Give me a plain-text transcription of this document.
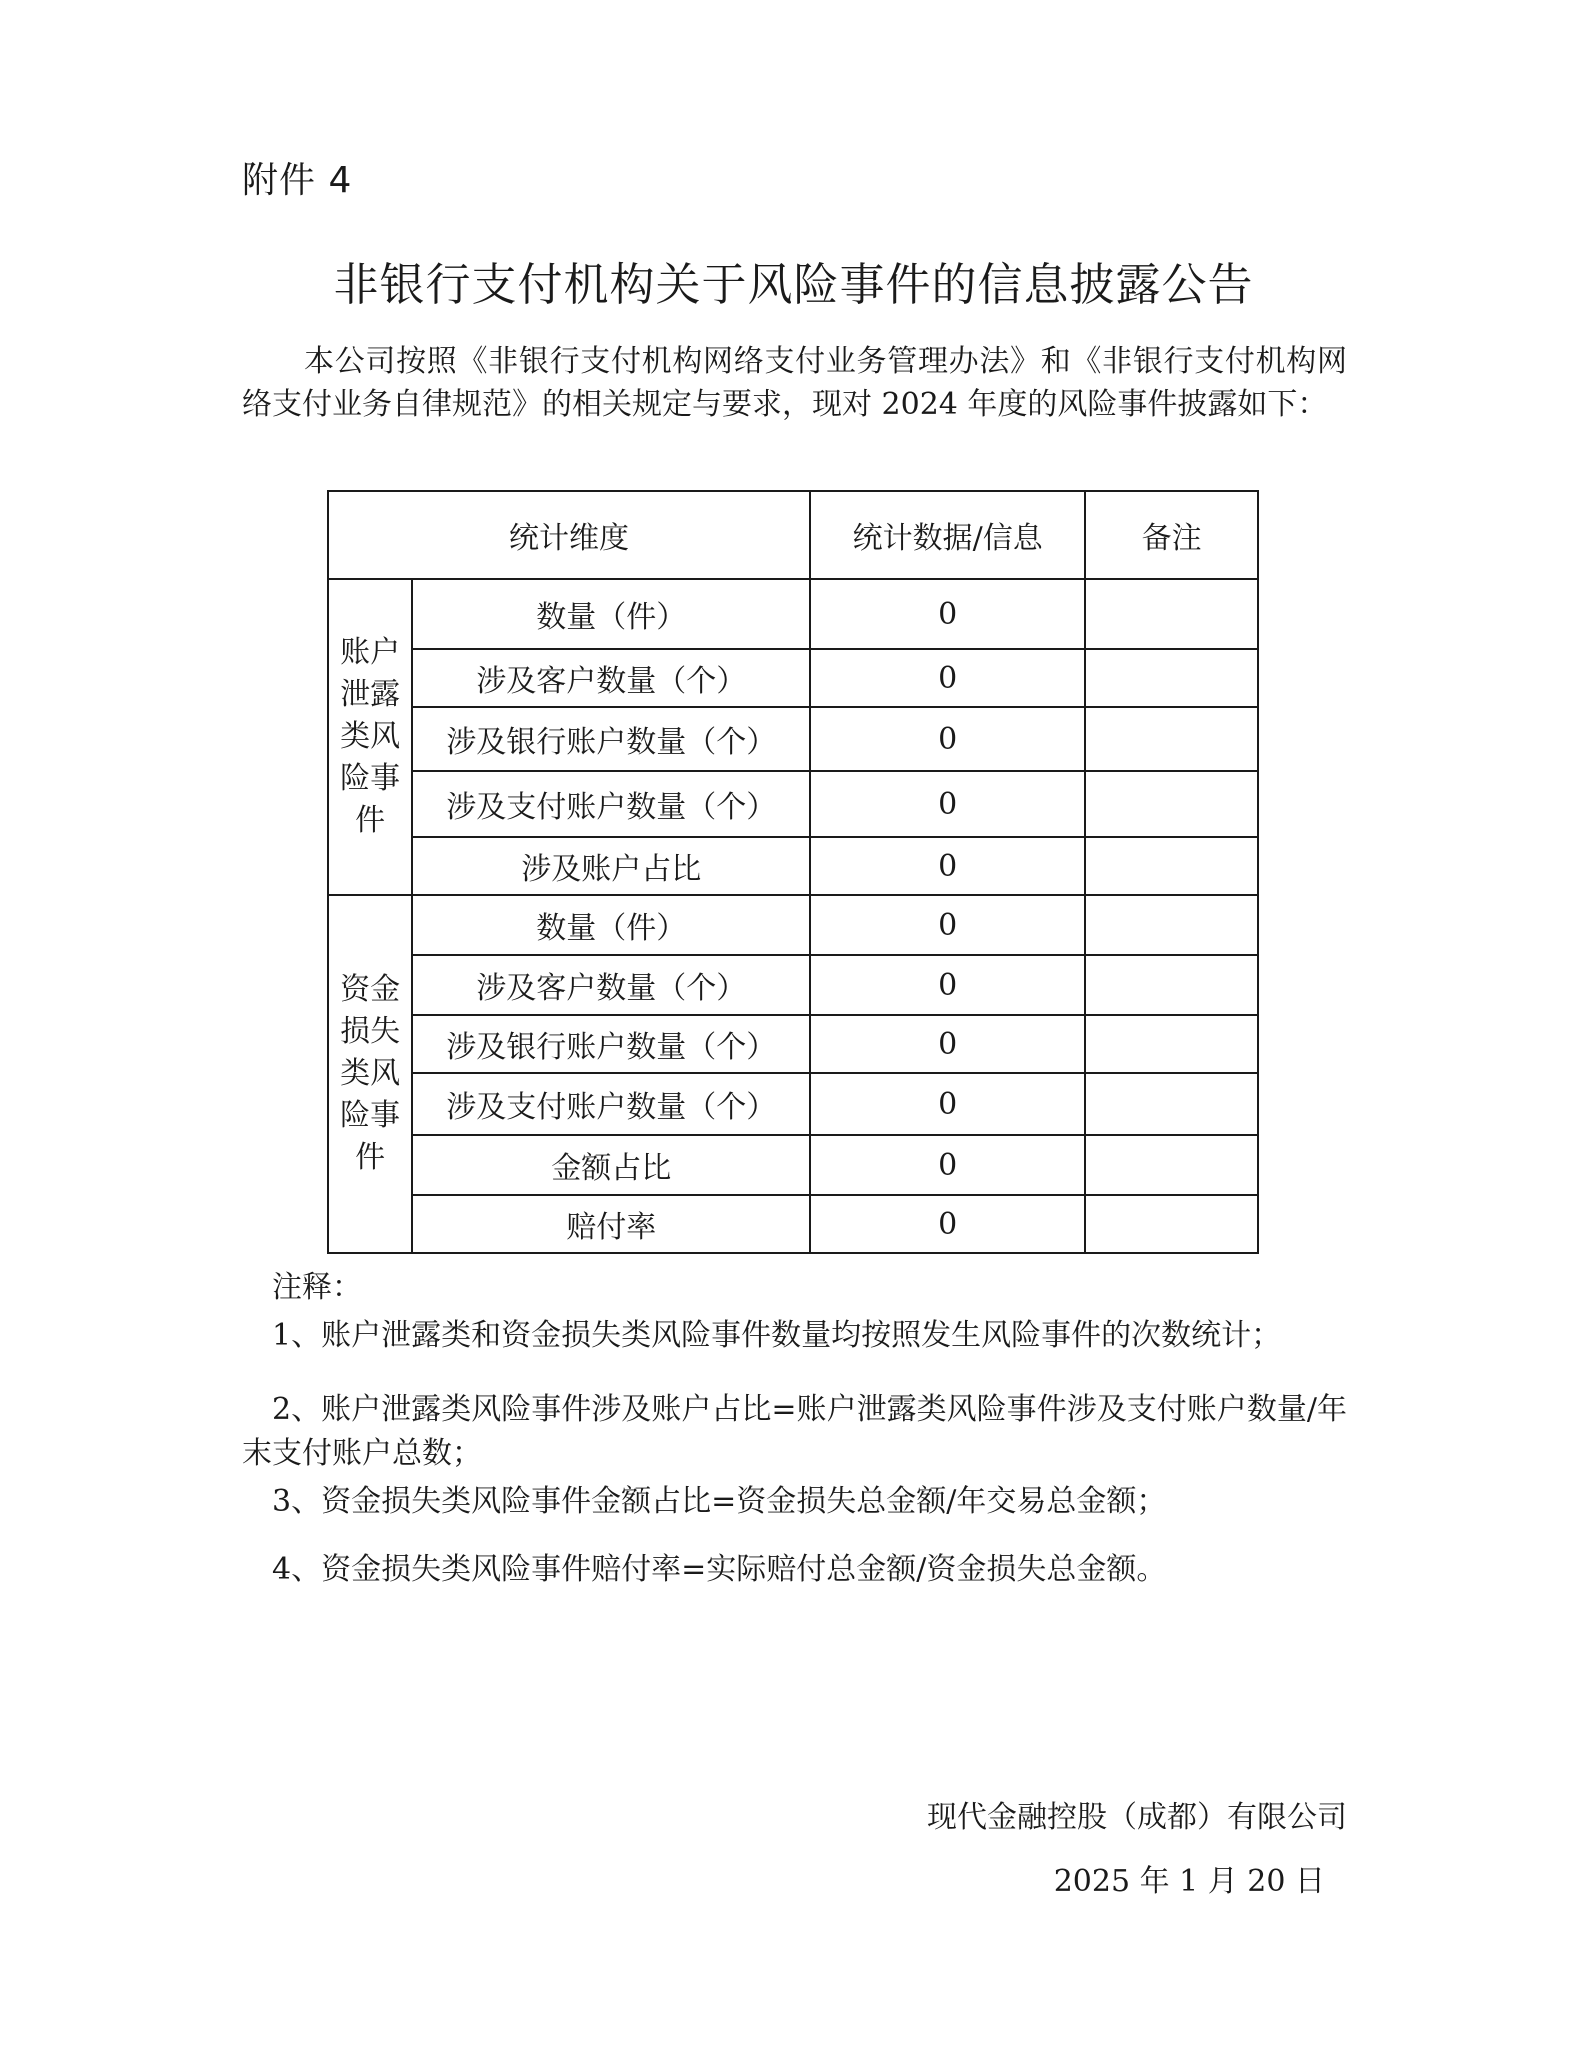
附件 4
非银行支付机构关于风险事件的信息披露公告
本公司按照《非银行支付机构网络支付业务管理办法》和《非银行支付机构网络支付业务自律规范》的相关规定与要求，现对 2024 年度的风险事件披露如下：
统计维度		统计数据/信息	备注

账户
泄露
类风
险事
件	数量（件）	0	
	涉及客户数量（个）	0	
	涉及银行账户数量（个）	0	
	涉及支付账户数量（个）	0	
	涉及账户占比	0	

资金
损失
类风
险事
件	数量（件）	0	
	涉及客户数量（个）	0	
	涉及银行账户数量（个）	0	
	涉及支付账户数量（个）	0	
	金额占比	0	
	赔付率	0	
注释：
1、账户泄露类和资金损失类风险事件数量均按照发生风险事件的次数统计；
2、账户泄露类风险事件涉及账户占比=账户泄露类风险事件涉及支付账户数量/年末支付账户总数；
3、资金损失类风险事件金额占比=资金损失总金额/年交易总金额；
4、资金损失类风险事件赔付率=实际赔付总金额/资金损失总金额。
现代金融控股（成都）有限公司
2025 年 1 月 20 日
